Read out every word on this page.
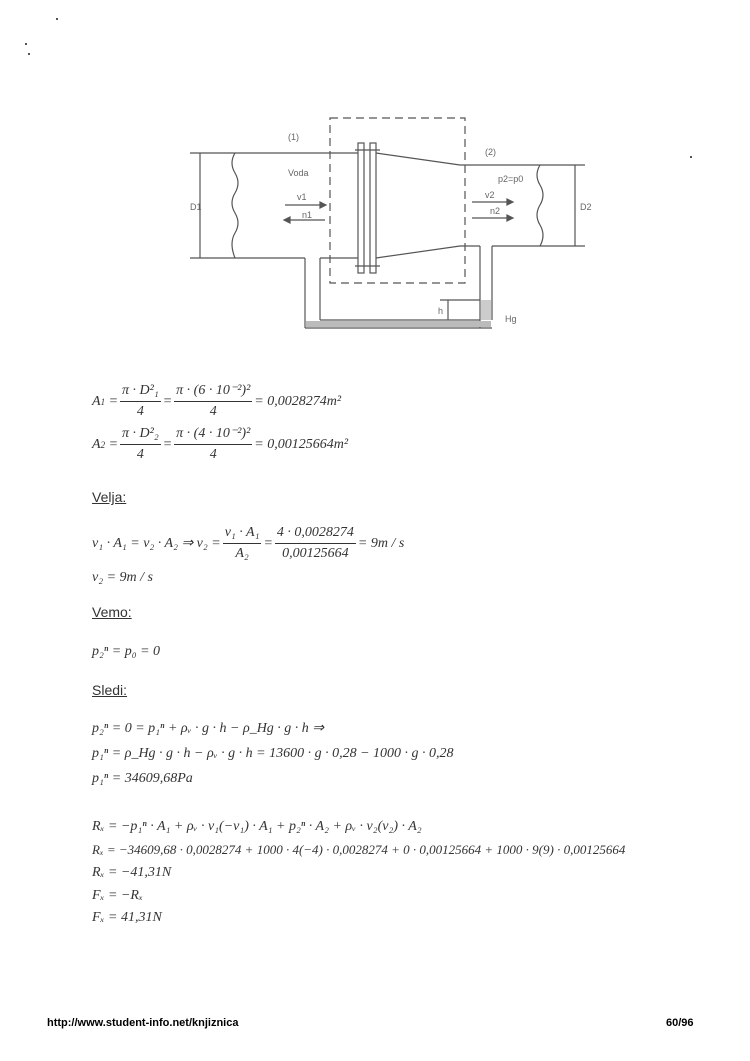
(1)
(2)
Voda
p2=p0
v1
n1
v2
n2
D1	D2
h
Hg
A $1 = \frac{\text{π · D²₁}}{4} = \frac{\text{π · (6 · 10⁻²)²}}{4} = 0,0028274m^2$
A $2 = \frac{\text{π · D²₂}}{4} = \frac{\text{π · (4 · 10⁻²)²}}{4} = 0,00125664m^2$
Velja:
v₁ · A₁ = v₂ · A₂ ⇒ $v_2 = \frac{\text{v₁ · A₁}}{\text{A₂}} = \frac{4 \cdot 0,0028274}{0,00125664} = 9m / s$
v₂ = 9m / s
Vemo:
p₂ⁿ = p₀ = 0
Sledi:
p₂ⁿ = 0 = p₁ⁿ + ρᵥ · g · h − ρ_Hg · g · h ⇒
p₁ⁿ = ρ_Hg · g · h − ρᵥ · g · h = 13600 · g · 0,28 − 1000 · g · 0,28
p₁ⁿ = 34609,68Pa
Rₓ = −p₁ⁿ · A₁ + ρᵥ · v₁(−v₁) · A₁ + p₂ⁿ · A₂ + ρᵥ · v₂(v₂) · A₂
Rₓ = −34609,68 · 0,0028274 + 1000 · 4(−4) · 0,0028274 + 0 · 0,00125664 + 1000 · 9(9) · 0,00125664
Rₓ = −41,31N
Fₓ = −Rₓ
Fₓ = 41,31N
http://www.student-info.net/knjiznica	60/96
